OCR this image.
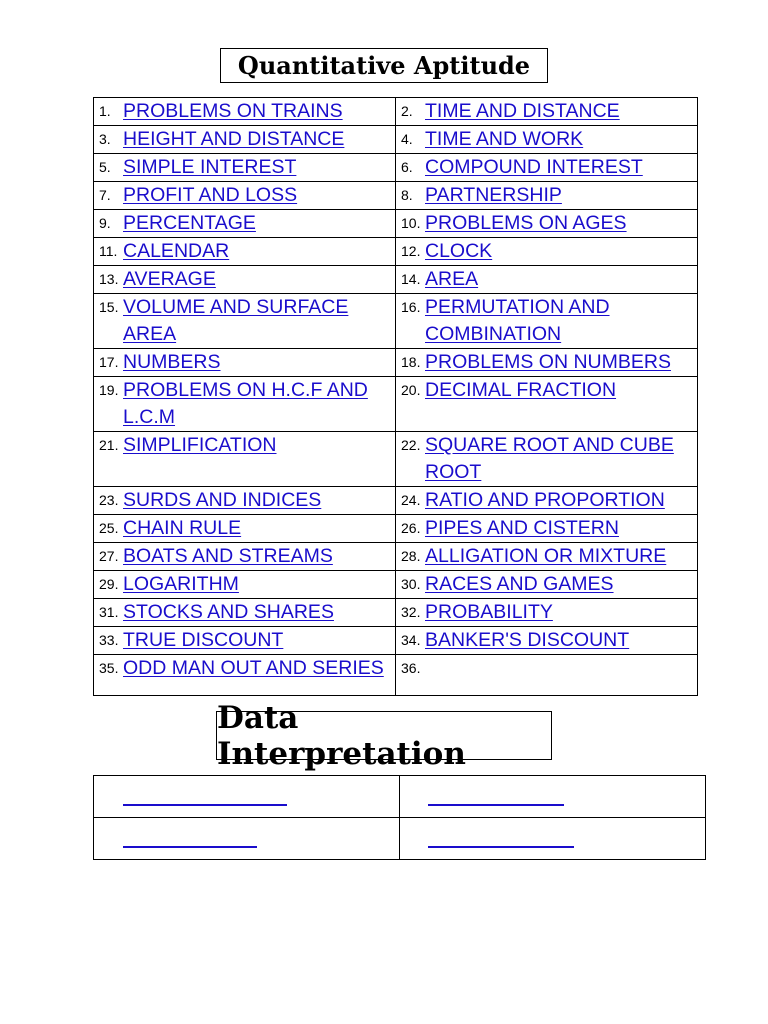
Quantitative Aptitude
1. PROBLEMS ON TRAINS	2. TIME AND DISTANCE

3. HEIGHT AND DISTANCE	4. TIME AND WORK

5. SIMPLE INTEREST	6. COMPOUND INTEREST

7. PROFIT AND LOSS	8. PARTNERSHIP

9. PERCENTAGE	10. PROBLEMS ON AGES

11. CALENDAR	12. CLOCK

13. AVERAGE	14. AREA

15. VOLUME AND SURFACE AREA	16. PERMUTATION AND COMBINATION

17. NUMBERS	18. PROBLEMS ON NUMBERS

19. PROBLEMS ON H.C.F AND L.C.M	20. DECIMAL FRACTION

21. SIMPLIFICATION	22. SQUARE ROOT AND CUBE ROOT

23. SURDS AND INDICES	24. RATIO AND PROPORTION

25. CHAIN RULE	26. PIPES AND CISTERN

27. BOATS AND STREAMS	28. ALLIGATION OR MIXTURE

29. LOGARITHM	30. RACES AND GAMES

31. STOCKS AND SHARES	32. PROBABILITY

33. TRUE DISCOUNT	34. BANKER'S DISCOUNT

35. ODD MAN OUT AND SERIES	36.
Data Interpretation
